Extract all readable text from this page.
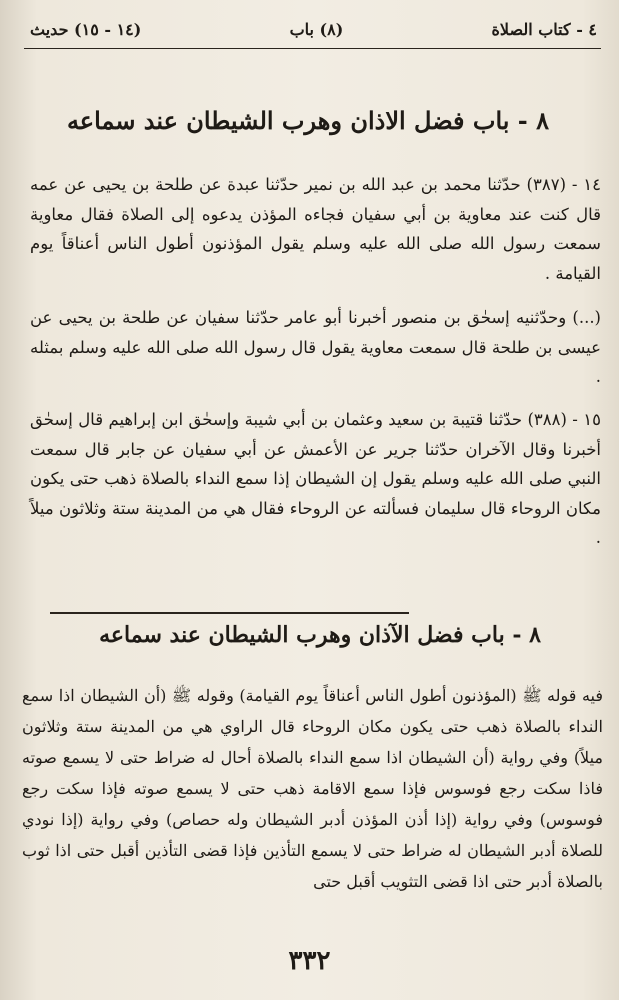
٤ - كتاب الصلاة
(٨) باب
(١٤ - ١٥) حديث
٨ - باب فضل الاذان وهرب الشيطان عند سماعه
١٤ - (٣٨٧) حدّثنا محمد بن عبد الله بن نمير حدّثنا عبدة عن طلحة بن يحيى عن عمه قال كنت عند معاوية بن أبي سفيان فجاءه المؤذن يدعوه إلى الصلاة فقال معاوية سمعت رسول الله صلى الله عليه وسلم يقول المؤذنون أطول الناس أعناقاً يوم القيامة .
(...) وحدّثنيه إسحٰق بن منصور أخبرنا أبو عامر حدّثنا سفيان عن طلحة بن يحيى عن عيسى بن طلحة قال سمعت معاوية يقول قال رسول الله صلى الله عليه وسلم بمثله .
١٥ - (٣٨٨) حدّثنا قتيبة بن سعيد وعثمان بن أبي شيبة وإسحٰق ابن إبراهيم قال إسحٰق أخبرنا وقال الآخران حدّثنا جرير عن الأعمش عن أبي سفيان عن جابر قال سمعت النبي صلى الله عليه وسلم يقول إن الشيطان إذا سمع النداء بالصلاة ذهب حتى يكون مكان الروحاء قال سليمان فسألته عن الروحاء فقال هي من المدينة ستة وثلاثون ميلاً .
٨ - باب فضل الآذان وهرب الشيطان عند سماعه
فيه قوله ﷺ (المؤذنون أطول الناس أعناقاً يوم القيامة) وقوله ﷺ (أن الشيطان اذا سمع النداء بالصلاة ذهب حتى يكون مكان الروحاء قال الراوي هي من المدينة ستة وثلاثون ميلاً) وفي رواية (أن الشيطان اذا سمع النداء بالصلاة أحال له ضراط حتى لا يسمع صوته فاذا سكت رجع فوسوس فإذا سمع الاقامة ذهب حتى لا يسمع صوته فإذا سكت رجع فوسوس) وفي رواية (إذا أذن المؤذن أدبر الشيطان وله حصاص) وفي رواية (إذا نودي للصلاة أدبر الشيطان له ضراط حتى لا يسمع التأذين فإذا قضى التأذين أقبل حتى اذا ثوب بالصلاة أدبر حتى اذا قضى التثويب أقبل حتى
٣٣٢
